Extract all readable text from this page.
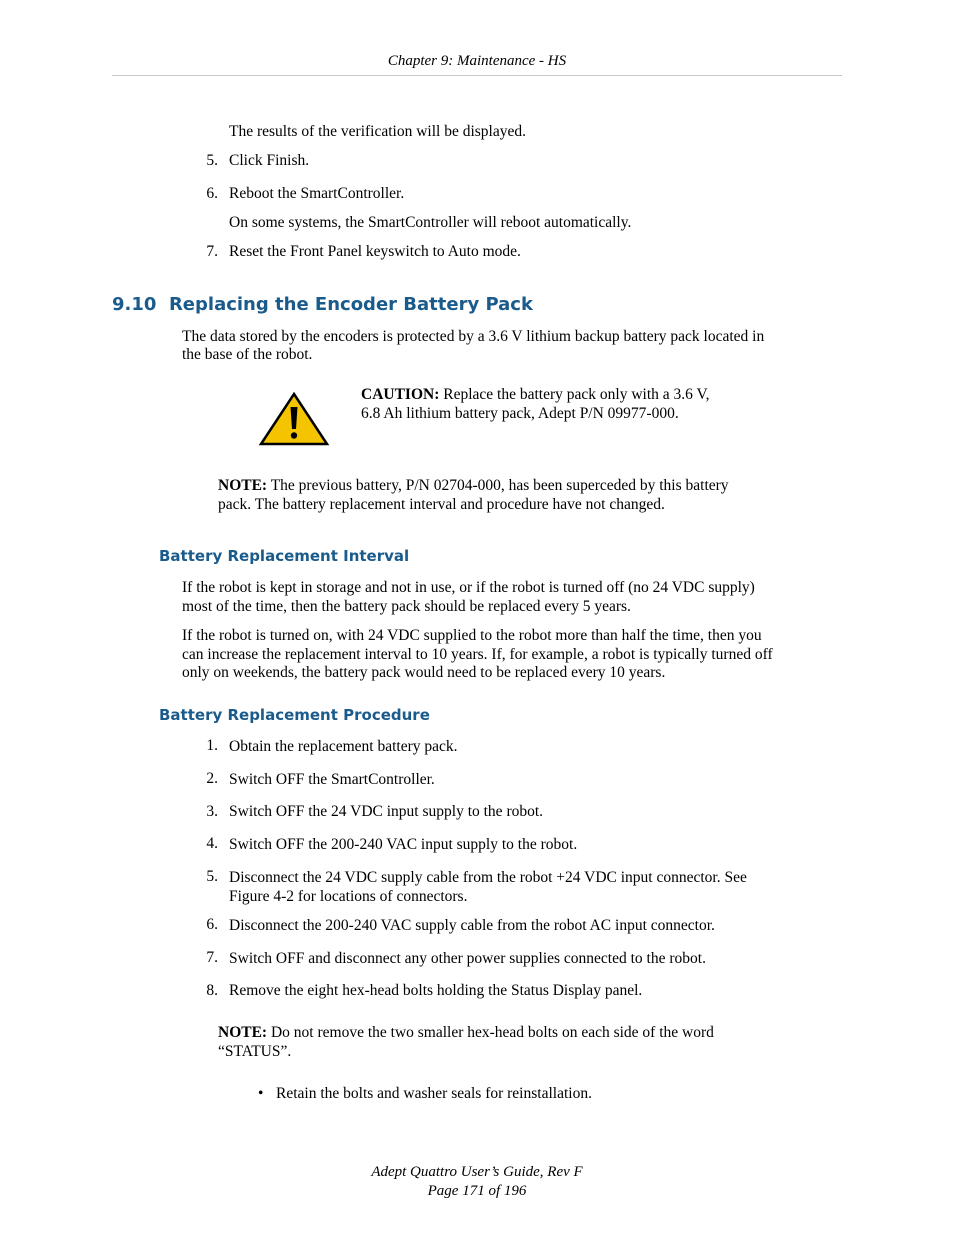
Chapter 9: Maintenance - HS
The results of the verification will be displayed.
5. Click Finish.
6. Reboot the SmartController.
On some systems, the SmartController will reboot automatically.
7. Reset the Front Panel keyswitch to Auto mode.
9.10  Replacing the Encoder Battery Pack
The data stored by the encoders is protected by a 3.6 V lithium backup battery pack located in
the base of the robot.
CAUTION: Replace the battery pack only with a 3.6 V,
6.8 Ah lithium battery pack, Adept P/N 09977-000.
NOTE: The previous battery, P/N 02704-000, has been superceded by this battery
pack. The battery replacement interval and procedure have not changed.
Battery Replacement Interval
If the robot is kept in storage and not in use, or if the robot is turned off (no 24 VDC supply)
most of the time, then the battery pack should be replaced every 5 years.
If the robot is turned on, with 24 VDC supplied to the robot more than half the time, then you
can increase the replacement interval to 10 years. If, for example, a robot is typically turned off
only on weekends, the battery pack would need to be replaced every 10 years.
Battery Replacement Procedure
1. Obtain the replacement battery pack.
2. Switch OFF the SmartController.
3. Switch OFF the 24 VDC input supply to the robot.
4. Switch OFF the 200-240 VAC input supply to the robot.
5. Disconnect the 24 VDC supply cable from the robot +24 VDC input connector. See
Figure 4-2 for locations of connectors.
6. Disconnect the 200-240 VAC supply cable from the robot AC input connector.
7. Switch OFF and disconnect any other power supplies connected to the robot.
8. Remove the eight hex-head bolts holding the Status Display panel.
NOTE: Do not remove the two smaller hex-head bolts on each side of the word
“STATUS”.
• Retain the bolts and washer seals for reinstallation.
Adept Quattro User’s Guide, Rev F
Page 171 of 196
